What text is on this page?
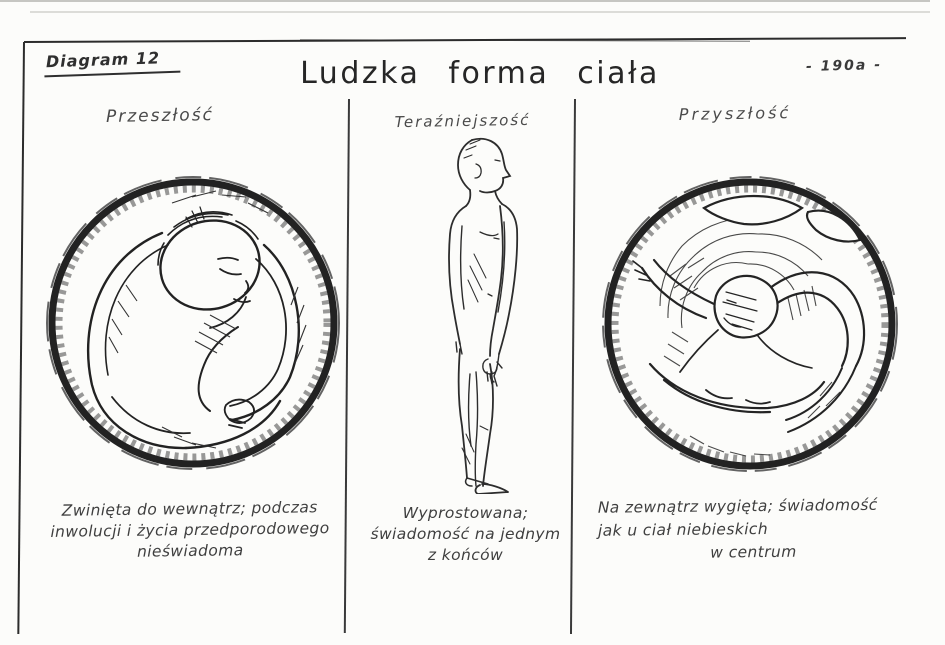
Diagram 12	Ludzka forma ciała	- 190a -
Przeszłość	Teraźniejszość	Przyszłość
Zwinięta do wewnątrz; podczas
inwolucji i życia przedporodowego
nieświadoma
Wyprostowana;
świadomość na jednym
z końców
Na zewnątrz wygięta; świadomość
jak u ciał niebieskich
w centrum
